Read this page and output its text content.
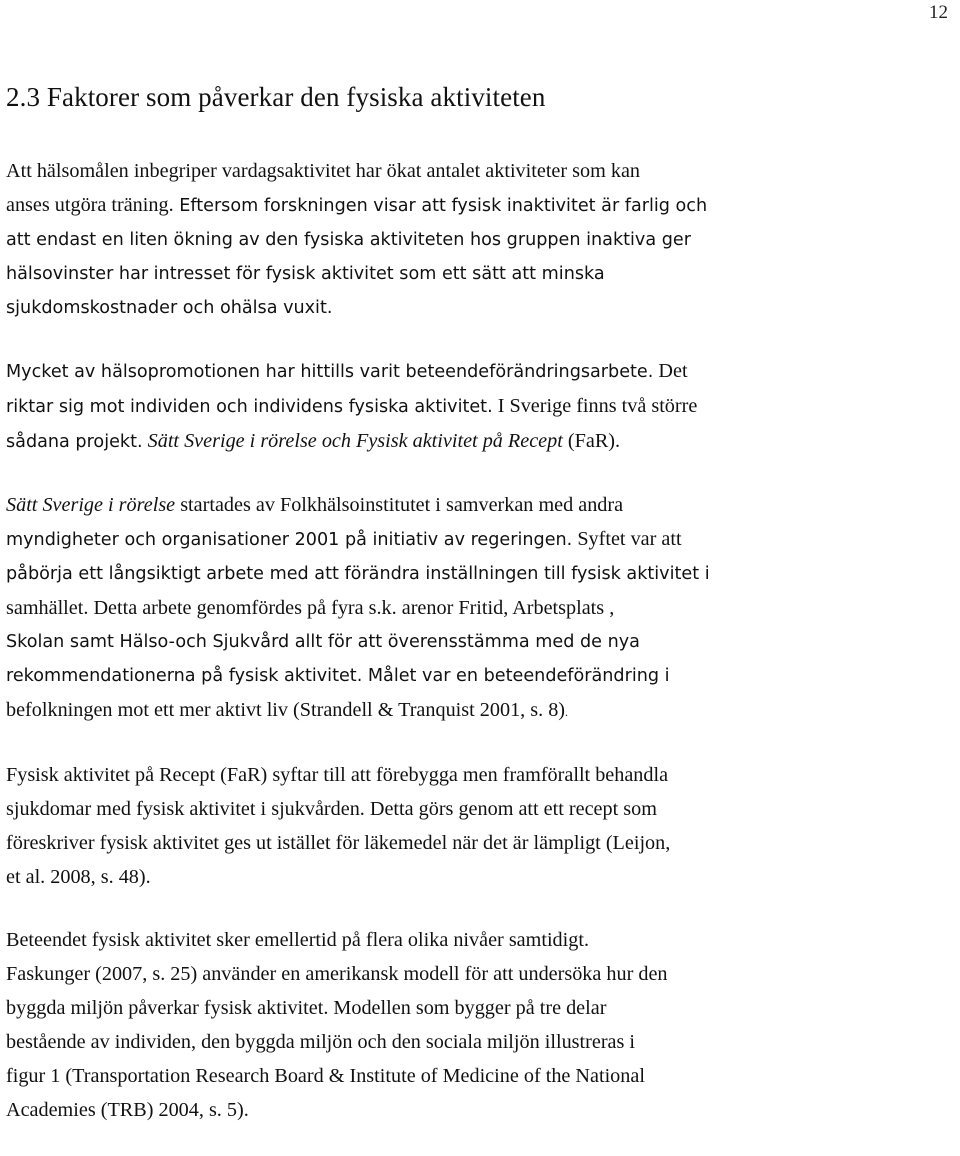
12
2.3 Faktorer som påverkar den fysiska aktiviteten
Att hälsomålen inbegriper vardagsaktivitet har ökat antalet aktiviteter som kan
anses utgöra träning. Eftersom forskningen visar att fysisk inaktivitet är farlig och
att endast en liten ökning av den fysiska aktiviteten hos gruppen inaktiva ger
hälsovinster har intresset för fysisk aktivitet som ett sätt att minska
sjukdomskostnader och ohälsa vuxit.
Mycket av hälsopromotionen har hittills varit beteendeförändringsarbete. Det
riktar sig mot individen och individens fysiska aktivitet. I Sverige finns två större
sådana projekt. Sätt Sverige i rörelse och Fysisk aktivitet på Recept (FaR).
Sätt Sverige i rörelse startades av Folkhälsoinstitutet i samverkan med andra
myndigheter och organisationer 2001 på initiativ av regeringen. Syftet var att
påbörja ett långsiktigt arbete med att förändra inställningen till fysisk aktivitet i
samhället. Detta arbete genomfördes på fyra s.k. arenor Fritid, Arbetsplats ,
Skolan samt Hälso-och Sjukvård allt för att överensstämma med de nya
rekommendationerna på fysisk aktivitet. Målet var en beteendeförändring i
befolkningen mot ett mer aktivt liv (Strandell & Tranquist 2001, s. 8).
Fysisk aktivitet på Recept (FaR) syftar till att förebygga men framförallt behandla
sjukdomar med fysisk aktivitet i sjukvården. Detta görs genom att ett recept som
föreskriver fysisk aktivitet ges ut istället för läkemedel när det är lämpligt (Leijon,
et al. 2008, s. 48).
Beteendet fysisk aktivitet sker emellertid på flera olika nivåer samtidigt.
Faskunger (2007, s. 25) använder en amerikansk modell för att undersöka hur den
byggda miljön påverkar fysisk aktivitet. Modellen som bygger på tre delar
bestående av individen, den byggda miljön och den sociala miljön illustreras i
figur 1 (Transportation Research Board & Institute of Medicine of the National
Academies (TRB) 2004, s. 5).
